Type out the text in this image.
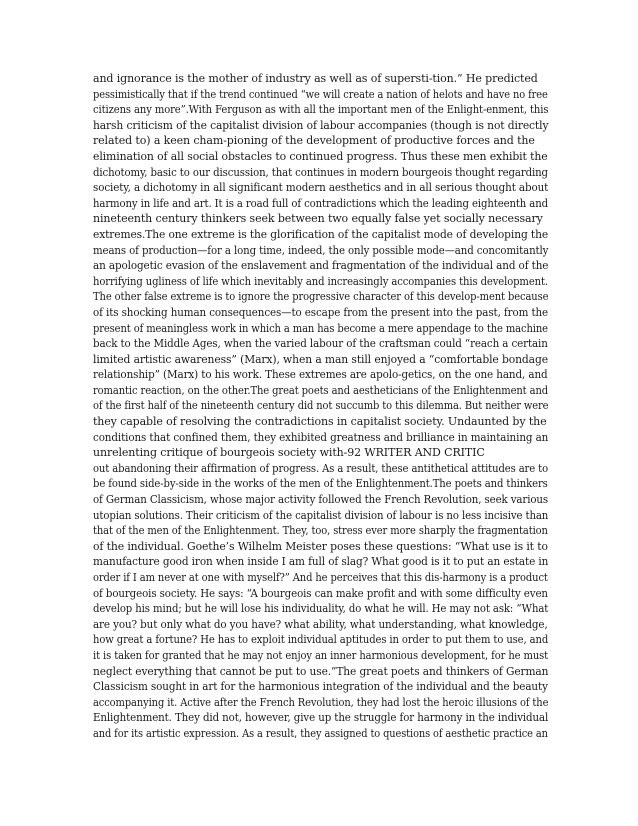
and ignorance is the mother of industry as well as of supersti-tion.” He predicted
pessimistically that if the trend continued “we will create a nation of helots and have no free
citizens any more”.With Ferguson as with all the important men of the Enlight-enment, this
harsh criticism of the capitalist division of labour accompanies (though is not directly
related to) a keen cham-pioning of the development of productive forces and the
elimination of all social obstacles to continued progress. Thus these men exhibit the
dichotomy, basic to our discussion, that continues in modern bourgeois thought regarding
society, a dichotomy in all significant modern aesthetics and in all serious thought about
harmony in life and art. It is a road full of contradictions which the leading eighteenth and
nineteenth century thinkers seek between two equally false yet socially necessary
extremes.The one extreme is the glorification of the capitalist mode of developing the
means of production—for a long time, indeed, the only possible mode—and concomitantly
an apologetic evasion of the enslavement and fragmentation of the individual and of the
horrifying ugliness of life which inevitably and increasingly accompanies this development.
The other false extreme is to ignore the progressive character of this develop-ment because
of its shocking human consequences—to escape from the present into the past, from the
present of meaningless work in which a man has become a mere appendage to the machine
back to the Middle Ages, when the varied labour of the craftsman could “reach a certain
limited artistic awareness” (Marx), when a man still enjoyed a “comfortable bondage
relationship” (Marx) to his work. These extremes are apolo-getics, on the one hand, and
romantic reaction, on the other.The great poets and aestheticians of the Enlightenment and
of the first half of the nineteenth century did not succumb to this dilemma. But neither were
they capable of resolving the contradictions in capitalist society. Undaunted by the
conditions that confined them, they exhibited greatness and brilliance in maintaining an
unrelenting critique of bourgeois society with-92 WRITER AND CRITIC
out abandoning their affirmation of progress. As a result, these antithetical attitudes are to
be found side-by-side in the works of the men of the Enlightenment.The poets and thinkers
of German Classicism, whose major activity followed the French Revolution, seek various
utopian solutions. Their criticism of the capitalist division of labour is no less incisive than
that of the men of the Enlightenment. They, too, stress ever more sharply the fragmentation
of the individual. Goethe’s Wilhelm Meister poses these questions: “What use is it to
manufacture good iron when inside I am full of slag? What good is it to put an estate in
order if I am never at one with myself?” And he perceives that this dis-harmony is a product
of bourgeois society. He says: “A bourgeois can make profit and with some difficulty even
develop his mind; but he will lose his individuality, do what he will. He may not ask: “What
are you? but only what do you have? what ability, what understanding, what knowledge,
how great a fortune? He has to exploit individual aptitudes in order to put them to use, and
it is taken for granted that he may not enjoy an inner harmonious development, for he must
neglect everything that cannot be put to use.”The great poets and thinkers of German
Classicism sought in art for the harmonious integration of the individual and the beauty
accompanying it. Active after the French Revolution, they had lost the heroic illusions of the
Enlightenment. They did not, however, give up the struggle for harmony in the individual
and for its artistic expression. As a result, they assigned to questions of aesthetic practice an
